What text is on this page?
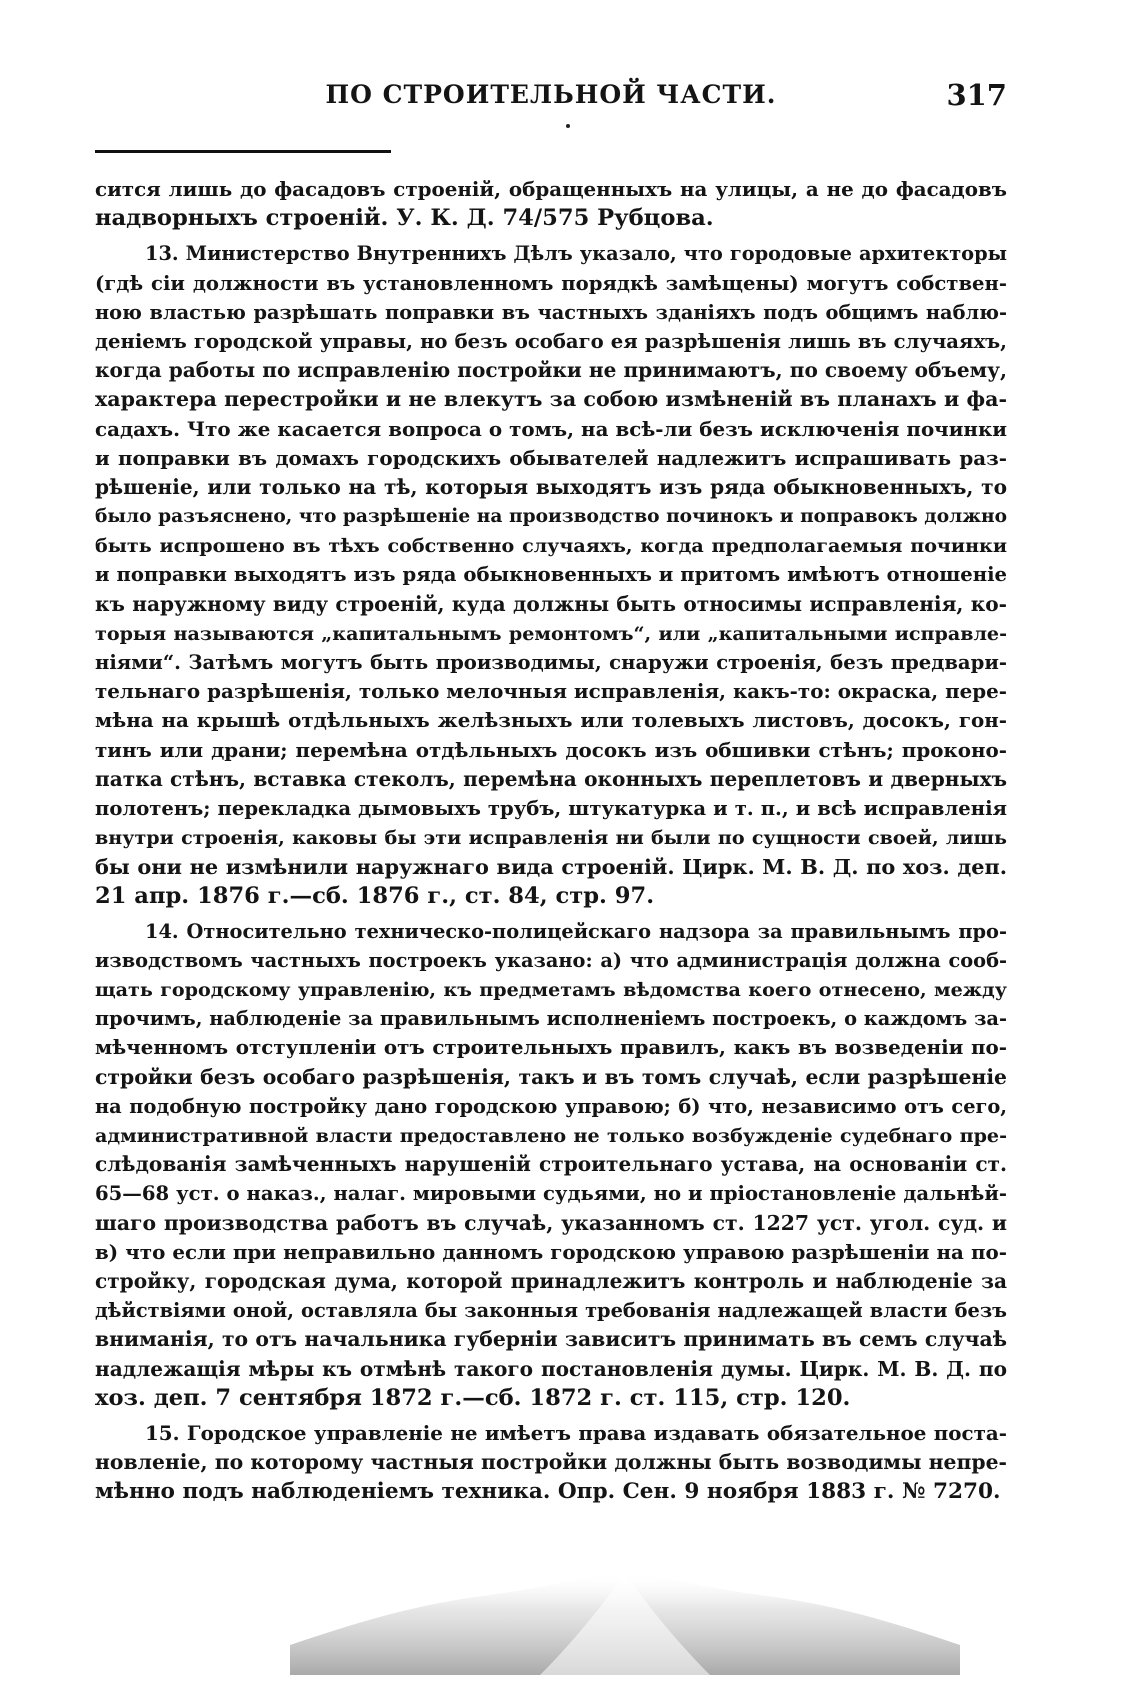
ПО СТРОИТЕЛЬНОЙ ЧАСТИ.	317
сится лишь до фасадовъ строеній, обращенныхъ на улицы, а не до фасадовъ
надворныхъ строеній. У. К. Д. 74/575 Рубцова.
13. Министерство Внутреннихъ Дѣлъ указало, что городовые архитекторы
(гдѣ сіи должности въ установленномъ порядкѣ замѣщены) могутъ собствен-
ною властью разрѣшать поправки въ частныхъ зданіяхъ подъ общимъ наблю-
деніемъ городской управы, но безъ особаго ея разрѣшенія лишь въ случаяхъ,
когда работы по исправленію постройки не принимаютъ, по своему объему,
характера перестройки и не влекутъ за собою измѣненій въ планахъ и фа-
садахъ. Что же касается вопроса о томъ, на всѣ-ли безъ исключенія починки
и поправки въ домахъ городскихъ обывателей надлежитъ испрашивать раз-
рѣшеніе, или только на тѣ, которыя выходятъ изъ ряда обыкновенныхъ, то
было разъяснено, что разрѣшеніе на производство починокъ и поправокъ должно
быть испрошено въ тѣхъ собственно случаяхъ, когда предполагаемыя починки
и поправки выходятъ изъ ряда обыкновенныхъ и притомъ имѣютъ отношеніе
къ наружному виду строеній, куда должны быть относимы исправленія, ко-
торыя называются „капитальнымъ ремонтомъ“, или „капитальными исправле-
ніями“. Затѣмъ могутъ быть производимы, снаружи строенія, безъ предвари-
тельнаго разрѣшенія, только мелочныя исправленія, какъ-то: окраска, пере-
мѣна на крышѣ отдѣльныхъ желѣзныхъ или толевыхъ листовъ, досокъ, гон-
тинъ или драни; перемѣна отдѣльныхъ досокъ изъ обшивки стѣнъ; проконо-
патка стѣнъ, вставка стеколъ, перемѣна оконныхъ переплетовъ и дверныхъ
полотенъ; перекладка дымовыхъ трубъ, штукатурка и т. п., и всѣ исправленія
внутри строенія, каковы бы эти исправленія ни были по сущности своей, лишь
бы они не измѣнили наружнаго вида строеній. Цирк. М. В. Д. по хоз. деп.
21 апр. 1876 г.—сб. 1876 г., ст. 84, стр. 97.
14. Относительно техническо-полицейскаго надзора за правильнымъ про-
изводствомъ частныхъ построекъ указано: а) что администрація должна сооб-
щать городскому управленію, къ предметамъ вѣдомства коего отнесено, между
прочимъ, наблюденіе за правильнымъ исполненіемъ построекъ, о каждомъ за-
мѣченномъ отступленіи отъ строительныхъ правилъ, какъ въ возведеніи по-
стройки безъ особаго разрѣшенія, такъ и въ томъ случаѣ, если разрѣшеніе
на подобную постройку дано городскою управою; б) что, независимо отъ сего,
административной власти предоставлено не только возбужденіе судебнаго пре-
слѣдованія замѣченныхъ нарушеній строительнаго устава, на основаніи ст.
65—68 уст. о наказ., налаг. мировыми судьями, но и пріостановленіе дальнѣй-
шаго производства работъ въ случаѣ, указанномъ ст. 1227 уст. угол. суд. и
в) что если при неправильно данномъ городскою управою разрѣшеніи на по-
стройку, городская дума, которой принадлежитъ контроль и наблюденіе за
дѣйствіями оной, оставляла бы законныя требованія надлежащей власти безъ
вниманія, то отъ начальника губерніи зависитъ принимать въ семъ случаѣ
надлежащія мѣры къ отмѣнѣ такого постановленія думы. Цирк. М. В. Д. по
хоз. деп. 7 сентября 1872 г.—сб. 1872 г. ст. 115, стр. 120.
15. Городское управленіе не имѣетъ права издавать обязательное поста-
новленіе, по которому частныя постройки должны быть возводимы непре-
мѣнно подъ наблюденіемъ техника. Опр. Сен. 9 ноября 1883 г. № 7270.
